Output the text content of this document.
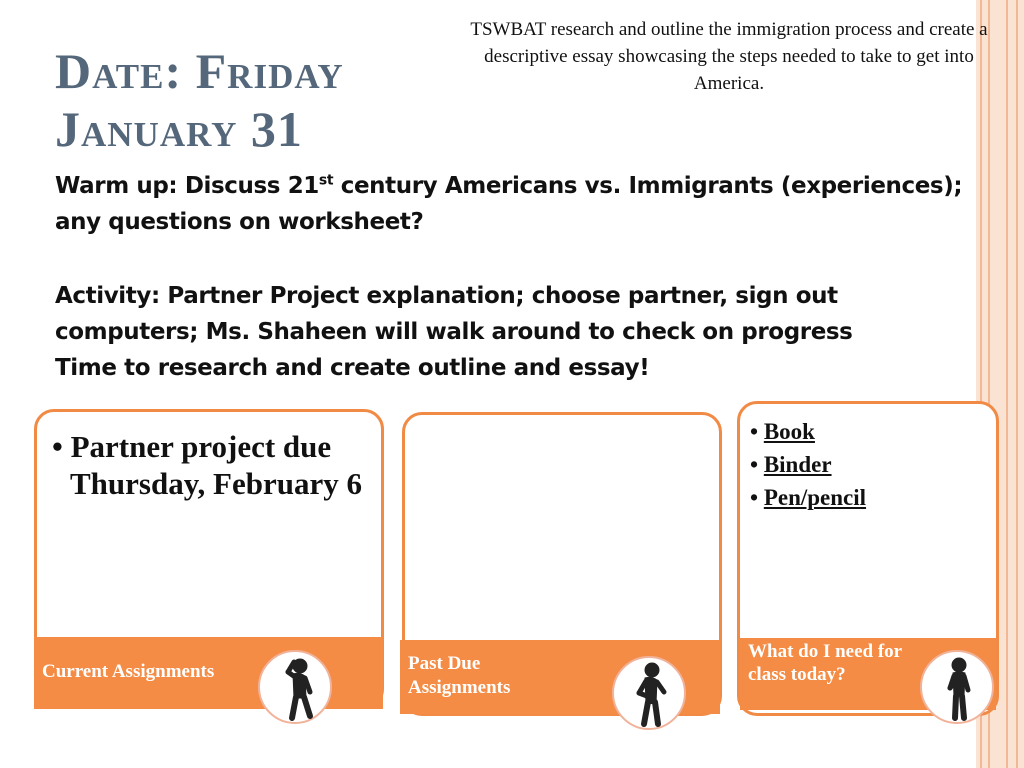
Date: Friday
January 31

TSWBAT research and outline the immigration process and create a descriptive essay showcasing the steps needed to take to get into America.

Warm up: Discuss 21st century Americans vs. Immigrants (experiences); any questions on worksheet?

Activity: Partner Project explanation; choose partner, sign out computers; Ms. Shaheen will walk around to check on progress

Time to research and create outline and essay!

• Partner project due Thursday, February 6
Current Assignments	Past Due Assignments
• Book
• Binder
• Pen/pencil
What do I need for class today?
